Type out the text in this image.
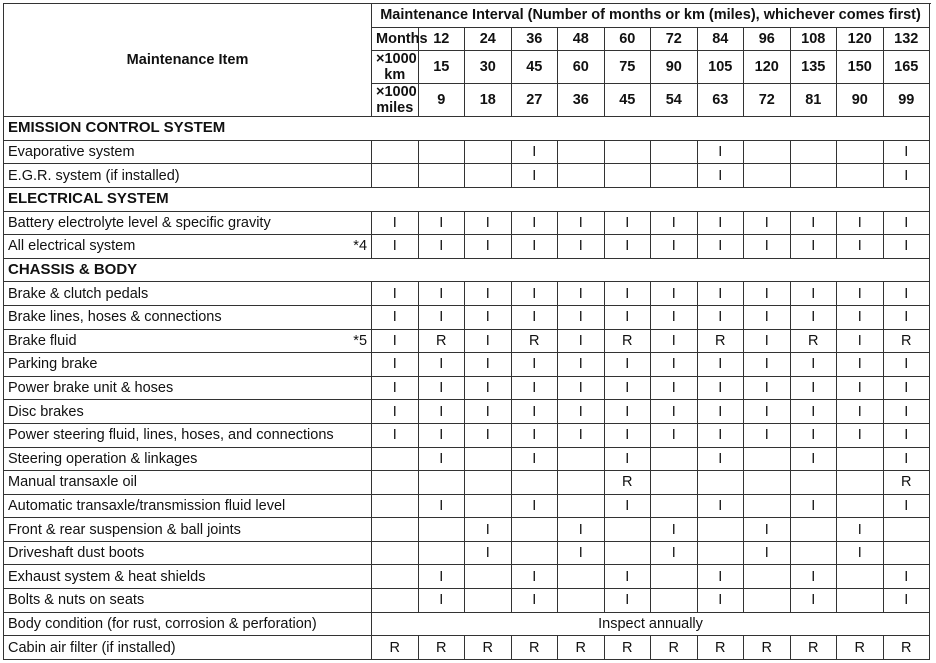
Maintenance Item	Maintenance Interval (Number of months or km (miles), whichever comes first)												
	Months	12	24	36	48	60	72	84	96	108	120	132	
	×1000 km	15	30	45	60	75	90	105	120	135	150	165	
	×1000 miles	9	18	27	36	45	54	63	72	81	90	99	
EMISSION CONTROL SYSTEM													
Evaporative system				I				I				I	
E.G.R. system (if installed)				I				I				I	
ELECTRICAL SYSTEM													
Battery electrolyte level & specific gravity	I	I	I	I	I	I	I	I	I	I	I	I	

*4
All electrical system	I	I	I	I	I	I	I	I	I	I	I	I	
CHASSIS & BODY													
Brake & clutch pedals	I	I	I	I	I	I	I	I	I	I	I	I	
Brake lines, hoses & connections	I	I	I	I	I	I	I	I	I	I	I	I	

*5
Brake fluid	I	R	I	R	I	R	I	R	I	R	I	R	
Parking brake	I	I	I	I	I	I	I	I	I	I	I	I	
Power brake unit & hoses	I	I	I	I	I	I	I	I	I	I	I	I	
Disc brakes	I	I	I	I	I	I	I	I	I	I	I	I	
Power steering fluid, lines, hoses, and connections	I	I	I	I	I	I	I	I	I	I	I	I	
Steering operation & linkages		I		I		I		I		I		I	
Manual transaxle oil						R						R	
Automatic transaxle/transmission fluid level		I		I		I		I		I		I	
Front & rear suspension & ball joints			I		I		I		I		I		
Driveshaft dust boots			I		I		I		I		I		
Exhaust system & heat shields		I		I		I		I		I		I	
Bolts & nuts on seats		I		I		I		I		I		I	
Body condition (for rust, corrosion & perforation)	Inspect annually												
Cabin air filter (if installed)	R	R	R	R	R	R	R	R	R	R	R	R	
